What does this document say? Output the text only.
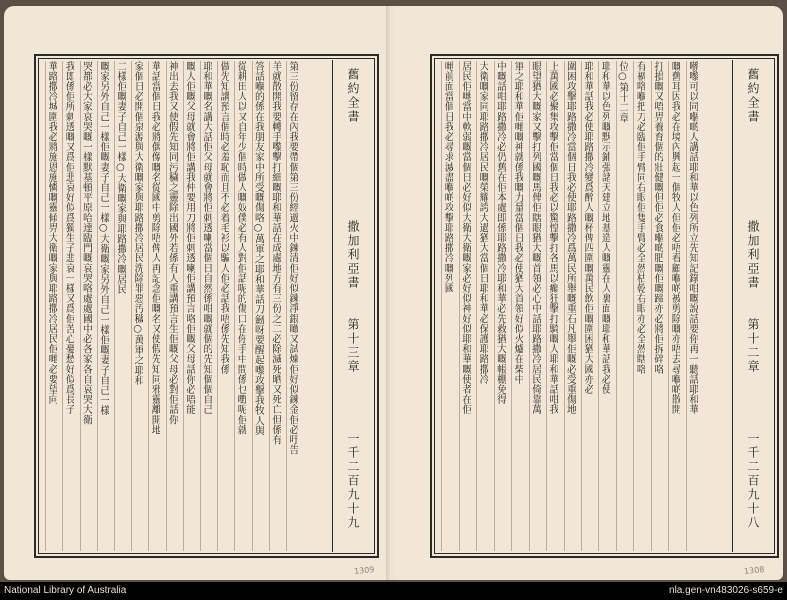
第三份留存在內我要帶個第三份經過火中鍊清佢好似鍊淨銀噉又試煉佢好似鍊金佢必吁告
羊就散開我要轉手嚟擊打細嘅耶和華話在成處地方有三份之二必除滅死晒又死亡但係有
答話嗰的係在我朋友家中所受嘅傷咯○萬軍之耶和華話刀劒呀要醒起嚟攻擊我牧人與
從耕田人以又自年少個時做人嘅奴僕必有人對佢話呢的傷口在你手中間係乜嘢呢佢就
做先知講預言個時必羞恥而且不必着毛衫以騙人佢必話我唔係先知我係
耶和華嘅名講大話佢父母就會將佢刺透喇當個日自然係咁嘅就個的先知個個自己
嘅人佢嘅父母就會將佢講我仲要用刀將佢刺透喇佢講預言咯佢嘅父母話你必唔能
神出去我又使假先知同污穢之靈除出國外若係有人重講預言生佢嘅父母必對佢話你
華話當個日我必將偶像嘅名從國中剪除唔俾人再記念佢嘅名又使假先知同邪靈離開地
家個日必開個泉源與大衛嘅家與耶路撒冷居民洗除罪惡汚穢○萬軍之耶和
二樣佢嘅妻子自己一樣○大衛嘅家與耶路撒冷嘅居民
嘅家另外自己一樣佢嘅妻子自己一樣○大衛嘅家另外自己一樣佢嘅妻子自己一樣
哭都必大家哀哭嘅一樣默基頓平原哈達臨門嘅哀哭咯處處國中必各家各自哀哭大衛
我即係佢所刺透嘅又爲佢悲哀好似爲獨生子悲哀一樣又爲佢苦心憂愁好似爲長子
華路撒冷城圍我必將施恩施憐嘅靈傾畀大衛嘅家與耶路撒冷居民佢哋必要望向	舊約全書
撒加利亞書
第十三章
一千二百九十九
1309
喺嚟可以同嗰啲人講話耶和華以色列所立先知記錄咁嘅說話要你再一聽話耶和華
嘅舊耳因我必在境內興起一個牧人但佢必唔看顧嗰啲被剪除嘅亦唔去尋嗰啲散開
打損嘅又唔畀養育個的壯健嘅但佢必食嗰啲肥嘅佢嘅蹄亦必將佢拆碎咯
有禍咯嗰把刀必臨佢手臂同右眼佢隻手臂必全然枯乾右眼亦必全然瞎咯
位○第十二章
耶和華以色列嘅默示鋪張諸天建立地基造人嘅靈在人裏面嘅耶和華話我必使
耶和華話我必使耶路撒冷變爲醉人嘅杯俾四圍嘅萬民飲佢嘅圍困猶大國亦必
圍困攻擊耶路撒冷當個日我必使耶路撒冷爲萬民所舉嘅重石凡舉佢嘅必受重傷地
上萬國必聚集攻擊佢當個日我必以驚惶擊打各馬以癲狂擊打騎嘅人耶和華話咁我
眼望猶大嘅家又擊打列國嘅馬俾佢瞎眼猶大嘅首領必心中話耶路撒冷居民倚靠萬
軍之耶和華佢哋嘅神就係我嘅力量當個日我必使猶大首領好似火爐在柴中
中嘅話咁耶路撒冷必仍舊在佢本處即係耶路撒冷耶和華必先救猶大嘅帳棚免得
大衛嘅家同耶路撒冷居民嘅榮耀誇大過猶大當個日耶和華必保護耶路撒冷
居民佢哋當中軟弱嘅當個日必好似大衛大衛嘅家必好似神好似耶和華嘅使者在佢
哋前面當個日我必尋求滅盡嗰啲攻擊耶路撒冷嘅列國	舊約全書
撒加利亞書
第十二章
一千二百九十八
1308
National Library of Australia	nla.gen-vn483026-s659-e
